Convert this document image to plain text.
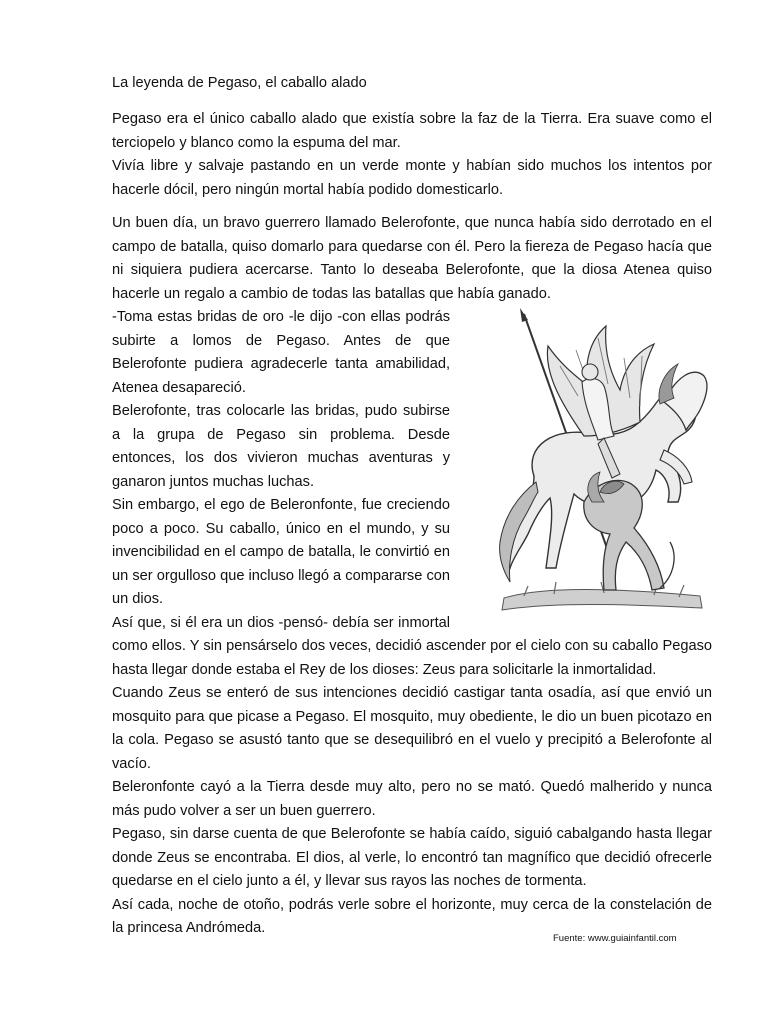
La leyenda de Pegaso, el caballo alado

Pegaso era el único caballo alado que existía sobre la faz de la Tierra. Era suave como el terciopelo y blanco como la espuma del mar.
Vivía libre y salvaje pastando en un verde monte y habían sido muchos los intentos por hacerle dócil, pero ningún mortal había podido domesticarlo.

Un buen día, un bravo guerrero llamado Belerofonte, que nunca había sido derrotado en el campo de batalla, quiso domarlo para quedarse con él. Pero la fiereza de Pegaso hacía que ni siquiera pudiera acercarse. Tanto lo deseaba Belerofonte, que la diosa Atenea quiso hacerle un regalo a cambio de todas las batallas que había ganado.

-Toma estas bridas de oro -le dijo -con ellas podrás subirte a lomos de Pegaso. Antes de que Belerofonte pudiera agradecerle tanta amabilidad, Atenea desapareció.
Belerofonte, tras colocarle las bridas, pudo subirse a la grupa de Pegaso sin problema. Desde entonces, los dos vivieron muchas aventuras y ganaron juntos muchas luchas.
Sin embargo, el ego de Beleronfonte, fue creciendo poco a poco. Su caballo, único en el mundo, y su invencibilidad en el campo de batalla, le convirtió en un ser orgulloso que incluso llegó a compararse con un dios.
Así que, si él era un dios -pensó- debía ser inmortal como ellos. Y sin pensárselo dos veces, decidió ascender por el cielo con su caballo Pegaso hasta llegar donde estaba el Rey de los dioses: Zeus para solicitarle la inmortalidad.
Cuando Zeus se enteró de sus intenciones decidió castigar tanta osadía, así que envió un mosquito para que picase a Pegaso. El mosquito, muy obediente, le dio un buen picotazo en la cola. Pegaso se asustó tanto que se desequilibró en el vuelo y precipitó a Belerofonte al vacío.
Beleronfonte cayó a la Tierra desde muy alto, pero no se mató. Quedó malherido y nunca más pudo volver a ser un buen guerrero.
Pegaso, sin darse cuenta de que Belerofonte se había caído, siguió cabalgando hasta llegar donde Zeus se encontraba. El dios, al verle, lo encontró tan magnífico que decidió ofrecerle quedarse en el cielo junto a él, y llevar sus rayos las noches de tormenta.
Así cada, noche de otoño, podrás verle sobre el horizonte, muy cerca de la constelación de la princesa Andrómeda.
Fuente: www.guiainfantil.com
